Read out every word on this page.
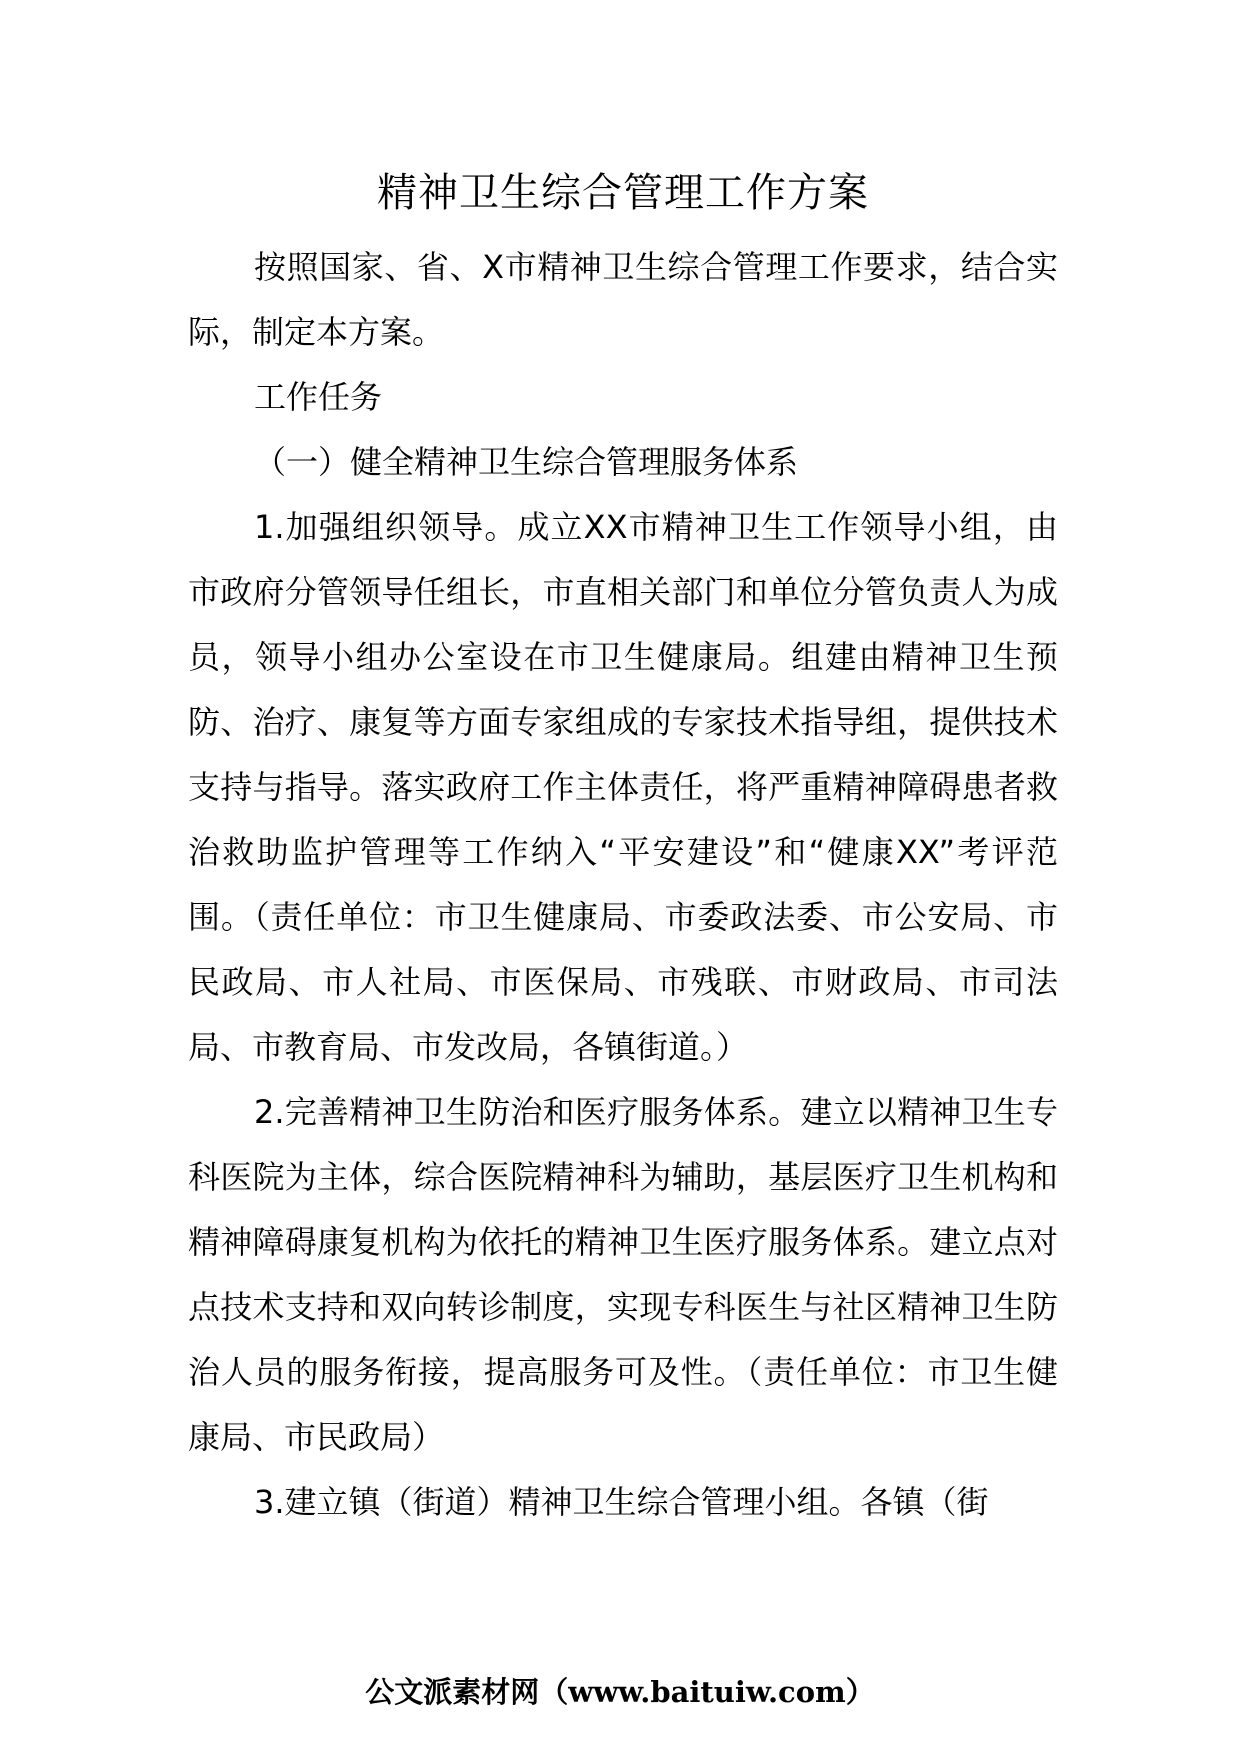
精神卫生综合管理工作方案

按照国家、省、X市精神卫生综合管理工作要求，结合实际，制定本方案。

工作任务

（一）健全精神卫生综合管理服务体系

1.加强组织领导。成立XX市精神卫生工作领导小组，由市政府分管领导任组长，市直相关部门和单位分管负责人为成员，领导小组办公室设在市卫生健康局。组建由精神卫生预防、治疗、康复等方面专家组成的专家技术指导组，提供技术支持与指导。落实政府工作主体责任，将严重精神障碍患者救治救助监护管理等工作纳入“平安建设”和“健康XX”考评范围。（责任单位：市卫生健康局、市委政法委、市公安局、市民政局、市人社局、市医保局、市残联、市财政局、市司法局、市教育局、市发改局，各镇街道。）

2.完善精神卫生防治和医疗服务体系。建立以精神卫生专科医院为主体，综合医院精神科为辅助，基层医疗卫生机构和精神障碍康复机构为依托的精神卫生医疗服务体系。建立点对点技术支持和双向转诊制度，实现专科医生与社区精神卫生防治人员的服务衔接，提高服务可及性。（责任单位：市卫生健康局、市民政局）

3.建立镇（街道）精神卫生综合管理小组。各镇（街

公文派素材网（www.baituiw.com）
